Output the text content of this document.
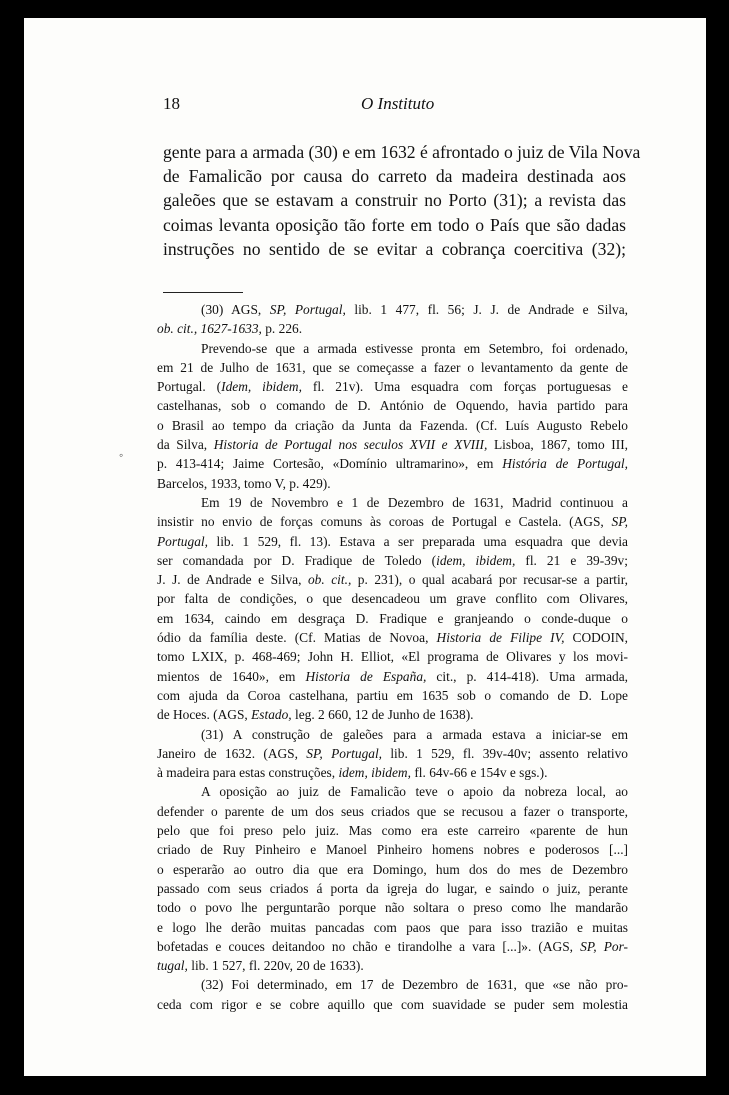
18	O Instituto
gente para a armada (30) e em 1632 é afrontado o juiz de Vila Nova
de Famalicão por causa do carreto da madeira destinada aos
galeões que se estavam a construir no Porto (31); a revista das
coimas levanta oposição tão forte em todo o País que são dadas
instruções no sentido de se evitar a cobrança coercitiva (32);
(30) AGS, SP, Portugal, lib. 1 477, fl. 56; J. J. de Andrade e Silva,
ob. cit., 1627-1633, p. 226.
Prevendo-se que a armada estivesse pronta em Setembro, foi ordenado,
em 21 de Julho de 1631, que se começasse a fazer o levantamento da gente de
Portugal. (Idem, ibidem, fl. 21v). Uma esquadra com forças portuguesas e
castelhanas, sob o comando de D. António de Oquendo, havia partido para
o Brasil ao tempo da criação da Junta da Fazenda. (Cf. Luís Augusto Rebelo
da Silva, Historia de Portugal nos seculos XVII e XVIII, Lisboa, 1867, tomo III,
p. 413-414; Jaime Cortesão, «Domínio ultramarino», em História de Portugal,
Barcelos, 1933, tomo V, p. 429).
Em 19 de Novembro e 1 de Dezembro de 1631, Madrid continuou a
insistir no envio de forças comuns às coroas de Portugal e Castela. (AGS, SP,
Portugal, lib. 1 529, fl. 13). Estava a ser preparada uma esquadra que devia
ser comandada por D. Fradique de Toledo (idem, ibidem, fl. 21 e 39-39v;
J. J. de Andrade e Silva, ob. cit., p. 231), o qual acabará por recusar-se a partir,
por falta de condições, o que desencadeou um grave conflito com Olivares,
em 1634, caindo em desgraça D. Fradique e granjeando o conde-duque o
ódio da família deste. (Cf. Matias de Novoa, Historia de Filipe IV, CODOIN,
tomo LXIX, p. 468-469; John H. Elliot, «El programa de Olivares y los movi-
mientos de 1640», em Historia de España, cit., p. 414-418). Uma armada,
com ajuda da Coroa castelhana, partiu em 1635 sob o comando de D. Lope
de Hoces. (AGS, Estado, leg. 2 660, 12 de Junho de 1638).
(31) A construção de galeões para a armada estava a iniciar-se em
Janeiro de 1632. (AGS, SP, Portugal, lib. 1 529, fl. 39v-40v; assento relativo
à madeira para estas construções, idem, ibidem, fl. 64v-66 e 154v e sgs.).
A oposição ao juiz de Famalicão teve o apoio da nobreza local, ao
defender o parente de um dos seus criados que se recusou a fazer o transporte,
pelo que foi preso pelo juiz. Mas como era este carreiro «parente de hun
criado de Ruy Pinheiro e Manoel Pinheiro homens nobres e poderosos [...]
o esperarão ao outro dia que era Domingo, hum dos do mes de Dezembro
passado com seus criados á porta da igreja do lugar, e saindo o juiz, perante
todo o povo lhe perguntarão porque não soltara o preso como lhe mandarão
e logo lhe derão muitas pancadas com paos que para isso trazião e muitas
bofetadas e couces deitandoo no chão e tirandolhe a vara [...]». (AGS, SP, Por-
tugal, lib. 1 527, fl. 220v, 20 de 1633).
(32) Foi determinado, em 17 de Dezembro de 1631, que «se não pro-
ceda com rigor e se cobre aquillo que com suavidade se puder sem molestia
◦
